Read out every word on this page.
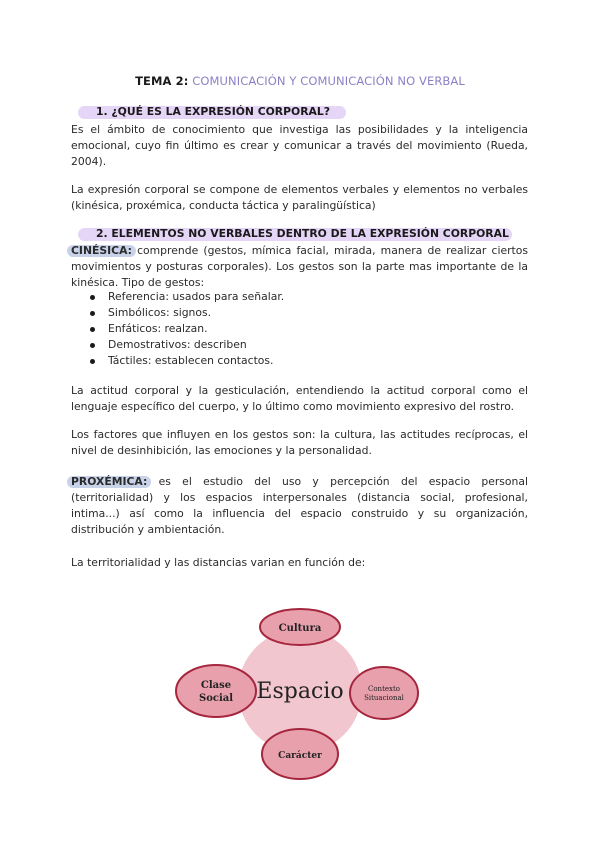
TEMA 2: COMUNICACIÓN Y COMUNICACIÓN NO VERBAL
1. ¿QUÉ ES LA EXPRESIÓN CORPORAL?
Es el ámbito de conocimiento que investiga las posibilidades y la inteligencia emocional, cuyo fin último es crear y comunicar a través del movimiento (Rueda, 2004).
La expresión corporal se compone de elementos verbales y elementos no verbales (kinésica, proxémica, conducta táctica y paralingüística)
2. ELEMENTOS NO VERBALES DENTRO DE LA EXPRESIÓN CORPORAL
CINÉSICA: comprende (gestos, mímica facial, mirada, manera de realizar ciertos movimientos y posturas corporales). Los gestos son la parte mas importante de la kinésica. Tipo de gestos:
Referencia: usados para señalar.
Simbólicos: signos.
Enfáticos: realzan.
Demostrativos: describen
Táctiles: establecen contactos.
La actitud corporal y la gesticulación, entendiendo la actitud corporal como el lenguaje específico del cuerpo, y lo último como movimiento expresivo del rostro.
Los factores que influyen en los gestos son: la cultura, las actitudes recíprocas, el nivel de desinhibición, las emociones y la personalidad.
PROXÉMICA: es el estudio del uso y percepción del espacio personal (territorialidad) y los espacios interpersonales (distancia social, profesional, intima...) así como la influencia del espacio construido y su organización, distribución y ambientación.
La territorialidad y las distancias varian en función de:
Espacio
Cultura
Clase
Social
Contexto
Situacional
Carácter
